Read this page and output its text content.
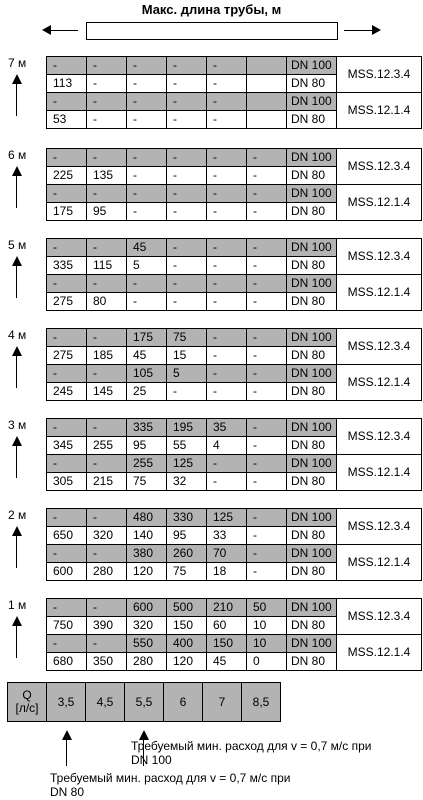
Макс. длина трубы, м
7 м -	-	-	-	-		DN 100	MSS.12.3.4
113	-	-	-	-		DN 80	
-	-	-	-	-		DN 100	MSS.12.1.4
53	-	-	-	-		DN 80	
6 м -	-	-	-	-	-	DN 100	MSS.12.3.4
225	135	-	-	-	-	DN 80	
-	-	-	-	-	-	DN 100	MSS.12.1.4
175	95	-	-	-	-	DN 80	
5 м -	-	45	-	-	-	DN 100	MSS.12.3.4
335	115	5	-	-	-	DN 80	
-	-	-	-	-	-	DN 100	MSS.12.1.4
275	80	-	-	-	-	DN 80	
4 м -	-	175	75	-	-	DN 100	MSS.12.3.4
275	185	45	15	-	-	DN 80	
-	-	105	5	-	-	DN 100	MSS.12.1.4
245	145	25	-	-	-	DN 80	
3 м -	-	335	195	35	-	DN 100	MSS.12.3.4
345	255	95	55	4	-	DN 80	
-	-	255	125	-	-	DN 100	MSS.12.1.4
305	215	75	32	-	-	DN 80	
2 м -	-	480	330	125	-	DN 100	MSS.12.3.4
650	320	140	95	33	-	DN 80	
-	-	380	260	70	-	DN 100	MSS.12.1.4
600	280	120	75	18	-	DN 80	
1 м -	-	600	500	210	50	DN 100	MSS.12.3.4
750	390	320	150	60	10	DN 80	
-	-	550	400	150	10	DN 100	MSS.12.1.4
680	350	280	120	45	0	DN 80	
Q
[л/с]	3,5	4,5	5,5	6	7	8,5
Требуемый мин. расход для v = 0,7 м/с при
DN 100
Требуемый мин. расход для v = 0,7 м/с при
DN 80
